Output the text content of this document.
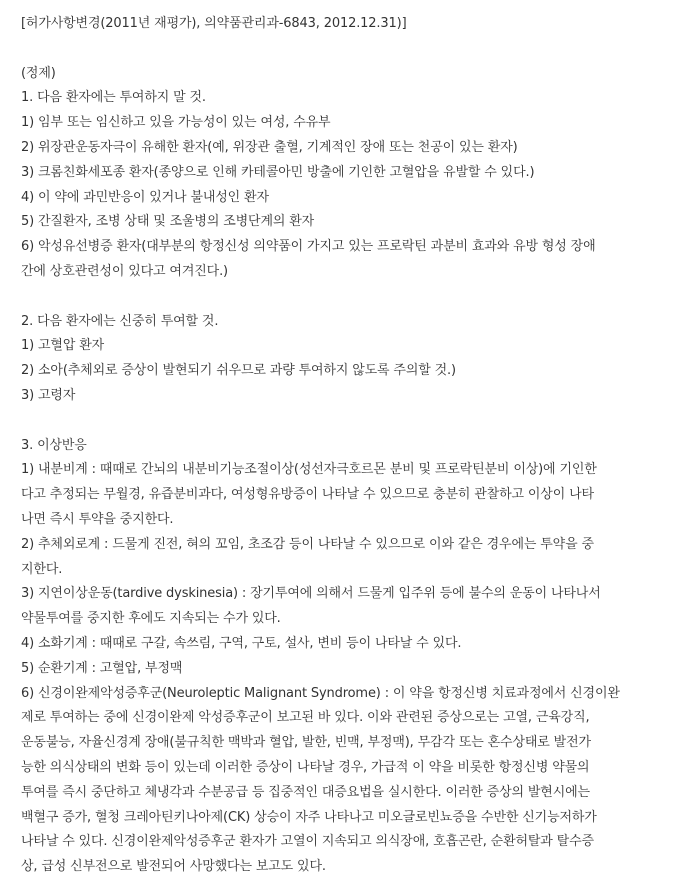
[허가사항변경(2011년 재평가), 의약품관리과-6843, 2012.12.31)]
(정제)
1. 다음 환자에는 투여하지 말 것.
1) 임부 또는 임신하고 있을 가능성이 있는 여성, 수유부
2) 위장관운동자극이 유해한 환자(예, 위장관 출혈, 기계적인 장애 또는 천공이 있는 환자)
3) 크롬친화세포종 환자(종양으로 인해 카테콜아민 방출에 기인한 고혈압을 유발할 수 있다.)
4) 이 약에 과민반응이 있거나 불내성인 환자
5) 간질환자, 조병 상태 및 조울병의 조병단계의 환자
6) 악성유선병증 환자(대부분의 항정신성 의약품이 가지고 있는 프로락틴 과분비 효과와 유방 형성 장애
간에 상호관련성이 있다고 여겨진다.)
2. 다음 환자에는 신중히 투여할 것.
1) 고혈압 환자
2) 소아(추체외로 증상이 발현되기 쉬우므로 과량 투여하지 않도록 주의할 것.)
3) 고령자
3. 이상반응
1) 내분비계 : 때때로 간뇌의 내분비기능조절이상(성선자극호르몬 분비 및 프로락틴분비 이상)에 기인한
다고 추정되는 무월경, 유즙분비과다, 여성형유방증이 나타날 수 있으므로 충분히 관찰하고 이상이 나타
나면 즉시 투약을 중지한다.
2) 추체외로계 : 드물게 진전, 혀의 꼬임, 초조감 등이 나타날 수 있으므로 이와 같은 경우에는 투약을 중
지한다.
3) 지연이상운동(tardive dyskinesia) : 장기투여에 의해서 드물게 입주위 등에 불수의 운동이 나타나서
약물투여를 중지한 후에도 지속되는 수가 있다.
4) 소화기계 : 때때로 구갈, 속쓰림, 구역, 구토, 설사, 변비 등이 나타날 수 있다.
5) 순환기계 : 고혈압, 부정맥
6) 신경이완제악성증후군(Neuroleptic Malignant Syndrome) : 이 약을 항정신병 치료과정에서 신경이완
제로 투여하는 중에 신경이완제 악성증후군이 보고된 바 있다. 이와 관련된 증상으로는 고열, 근육강직,
운동불능, 자율신경계 장애(불규칙한 맥박과 혈압, 발한, 빈맥, 부정맥), 무감각 또는 혼수상태로 발전가
능한 의식상태의 변화 등이 있는데 이러한 증상이 나타날 경우, 가급적 이 약을 비롯한 항정신병 약물의
투여를 즉시 중단하고 체냉각과 수분공급 등 집중적인 대증요법을 실시한다. 이러한 증상의 발현시에는
백혈구 증가, 혈청 크레아틴키나아제(CK) 상승이 자주 나타나고 미오글로빈뇨증을 수반한 신기능저하가
나타날 수 있다. 신경이완제악성증후군 환자가 고열이 지속되고 의식장애, 호흡곤란, 순환허탈과 탈수증
상, 급성 신부전으로 발전되어 사망했다는 보고도 있다.
